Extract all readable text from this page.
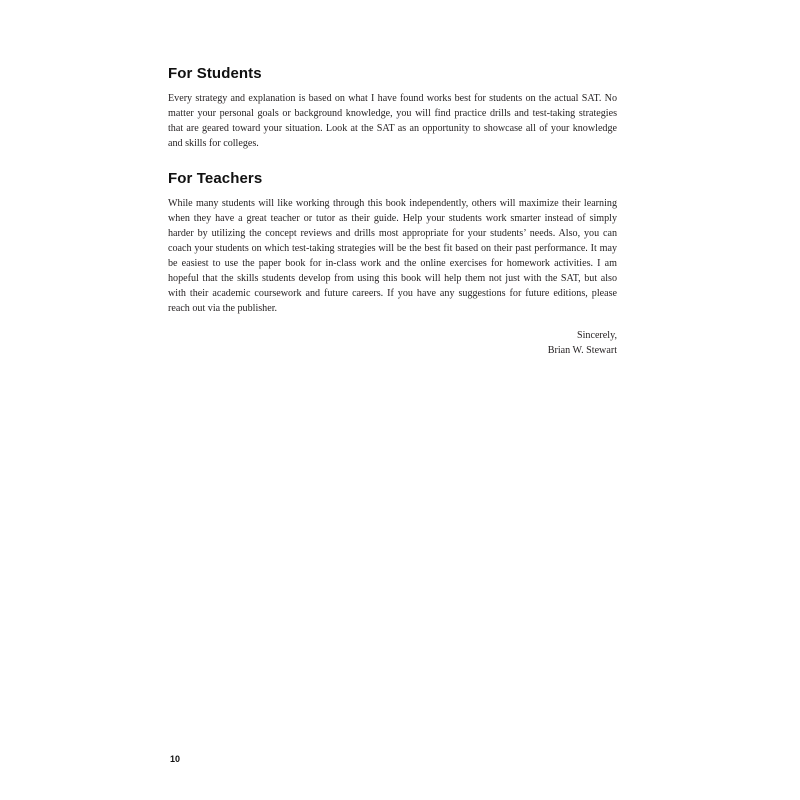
For Students

Every strategy and explanation is based on what I have found works best for students on the actual SAT. No matter your personal goals or background knowledge, you will find practice drills and test-taking strategies that are geared toward your situation. Look at the SAT as an opportunity to showcase all of your knowledge and skills for colleges.

For Teachers

While many students will like working through this book independently, others will maximize their learning when they have a great teacher or tutor as their guide. Help your students work smarter instead of simply harder by utilizing the concept reviews and drills most appropriate for your students’ needs. Also, you can coach your students on which test-taking strategies will be the best fit based on their past performance. It may be easiest to use the paper book for in-class work and the online exercises for homework activities. I am hopeful that the skills students develop from using this book will help them not just with the SAT, but also with their academic coursework and future careers. If you have any suggestions for future editions, please reach out via the publisher.

Sincerely,
Brian W. Stewart
10
